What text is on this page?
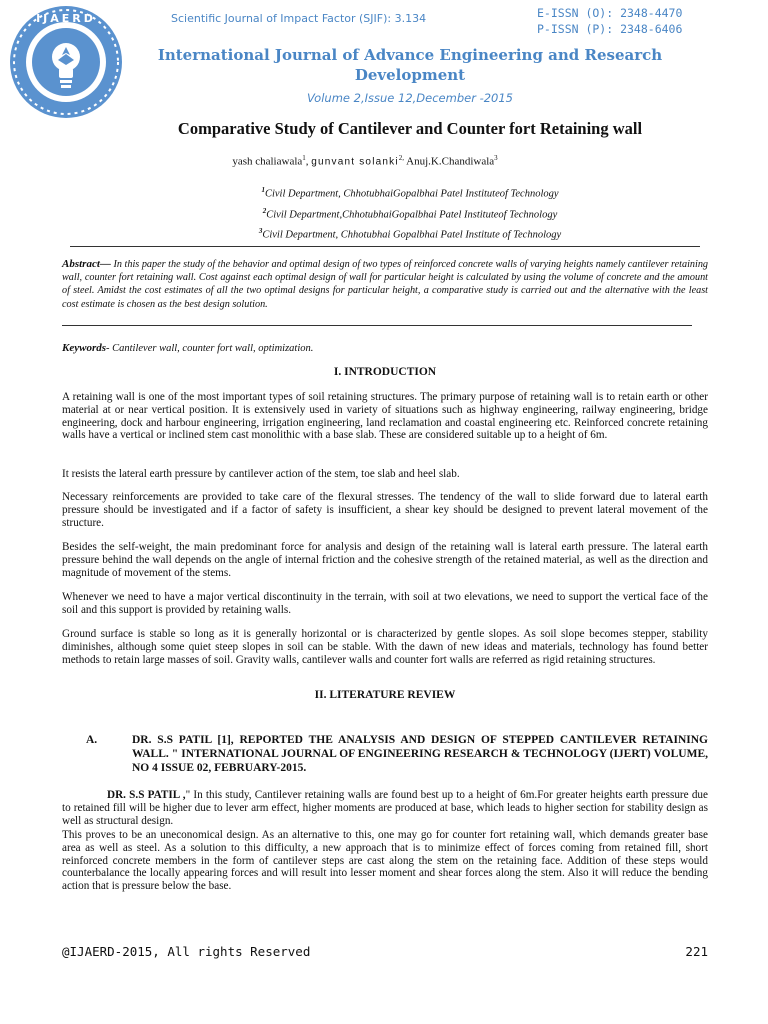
IJAERD	Scientific Journal of Impact Factor (SJIF): 3.134	E-ISSN (O): 2348-4470
P-ISSN (P): 2348-6406
International Journal of Advance Engineering and Research Development
Volume 2,Issue 12,December -2015
Comparative Study of Cantilever and Counter fort Retaining wall
yash chaliawala$^1$, gunvant solanki$^{2,}$ Anuj.K.Chandiwala$^3$
$^1$Civil Department, ChhotubhaiGopalbhai Patel Instituteof Technology
$^2$Civil Department,ChhotubhaiGopalbhai Patel Instituteof Technology
$^3$Civil Department, Chhotubhai Gopalbhai Patel Institute of Technology
Abstract— In this paper the study of the behavior and optimal design of two types of reinforced concrete walls of varying heights namely cantilever retaining wall, counter fort retaining wall. Cost against each optimal design of wall for particular height is calculated by using the volume of concrete and the amount of steel. Amidst the cost estimates of all the two optimal designs for particular height, a comparative study is carried out and the alternative with the least cost estimate is chosen as the best design solution.
Keywords- Cantilever wall, counter fort wall, optimization.
I. INTRODUCTION
A retaining wall is one of the most important types of soil retaining structures. The primary purpose of retaining wall is to retain earth or other material at or near vertical position. It is extensively used in variety of situations such as highway engineering, railway engineering, bridge engineering, dock and harbour engineering, irrigation engineering, land reclamation and coastal engineering etc. Reinforced concrete retaining walls have a vertical or inclined stem cast monolithic with a base slab. These are considered suitable up to a height of 6m.
It resists the lateral earth pressure by cantilever action of the stem, toe slab and heel slab.
Necessary reinforcements are provided to take care of the flexural stresses. The tendency of the wall to slide forward due to lateral earth pressure should be investigated and if a factor of safety is insufficient, a shear key should be designed to prevent lateral movement of the structure.
Besides the self-weight, the main predominant force for analysis and design of the retaining wall is lateral earth pressure. The lateral earth pressure behind the wall depends on the angle of internal friction and the cohesive strength of the retained material, as well as the direction and magnitude of movement of the stems.
Whenever we need to have a major vertical discontinuity in the terrain, with soil at two elevations, we need to support the vertical face of the soil and this support is provided by retaining walls.
Ground surface is stable so long as it is generally horizontal or is characterized by gentle slopes. As soil slope becomes stepper, stability diminishes, although some quiet steep slopes in soil can be stable. With the dawn of new ideas and materials, technology has found better methods to retain large masses of soil. Gravity walls, cantilever walls and counter fort walls are referred as rigid retaining structures.
II. LITERATURE REVIEW
A.	DR. S.S PATIL [1], REPORTED THE ANALYSIS AND DESIGN OF STEPPED CANTILEVER RETAINING WALL. " INTERNATIONAL JOURNAL OF ENGINEERING RESEARCH & TECHNOLOGY (IJERT) VOLUME, NO 4 ISSUE 02, FEBRUARY-2015.
DR. S.S PATIL ," In this study, Cantilever retaining walls are found best up to a height of 6m.For greater heights earth pressure due to retained fill will be higher due to lever arm effect, higher moments are produced at base, which leads to higher section for stability design as well as structural design.
This proves to be an uneconomical design. As an alternative to this, one may go for counter fort retaining wall, which demands greater base area as well as steel. As a solution to this difficulty, a new approach that is to minimize effect of forces coming from retained fill, short reinforced concrete members in the form of cantilever steps are cast along the stem on the retaining face. Addition of these steps would counterbalance the locally appearing forces and will result into lesser moment and shear forces along the stem. Also it will reduce the bending action that is pressure below the base.
@IJAERD-2015, All rights Reserved	221
